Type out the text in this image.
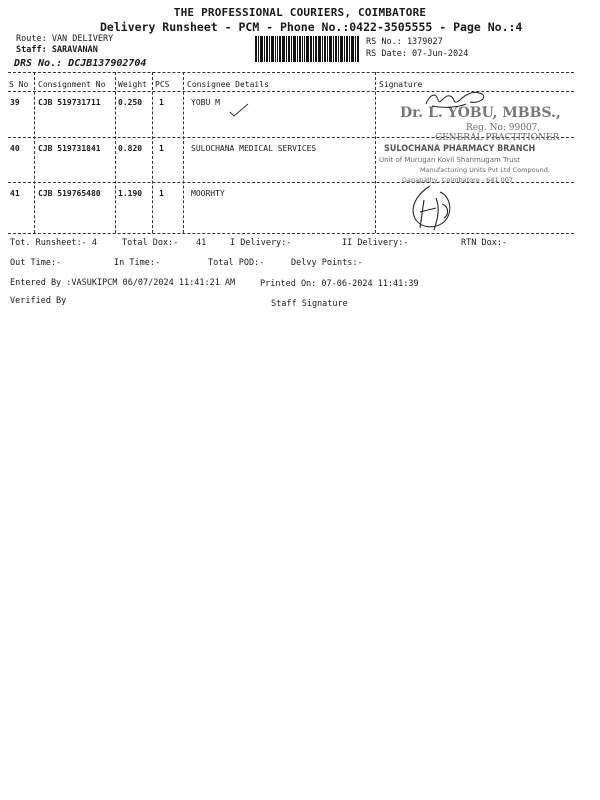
THE PROFESSIONAL COURIERS, COIMBATORE
Delivery Runsheet - PCM - Phone No.:0422-3505555 - Page No.:4
Route: VAN DELIVERY
Staff: SARAVANAN
DRS No.: DCJB137902704
RS No.: 1379027
RS Date: 07-Jun-2024
S No Consignment No Weight PCS Consignee Details	Signature
39 CJB 519731711 0.250 1	YOBU M
40 CJB 519731841 0.820 1	SULOCHANA MEDICAL SERVICES
41 CJB 519765480 1.190 1	MOORHTY
Dr. L. YOBU, MBBS.,
Reg. No: 99007,
GENERAL PRACTITIONER
SULOCHANA PHARMACY BRANCH
Unit of Murugan Kovil Shanmugam Trust
Manufacturing Units Pvt Ltd Compound,
Ganapathy, Coimbatore - 641 007
Tot. Runsheet:- 4	Total Dox:- 41	I Delivery:-	II Delivery:-	RTN Dox:-
Out Time:-	In Time:-	Total POD:-	Delvy Points:-
Entered By :VASUKIPCM 06/07/2024 11:41:21 AM	Printed On: 07-06-2024 11:41:39
Verified By	Staff Signature
